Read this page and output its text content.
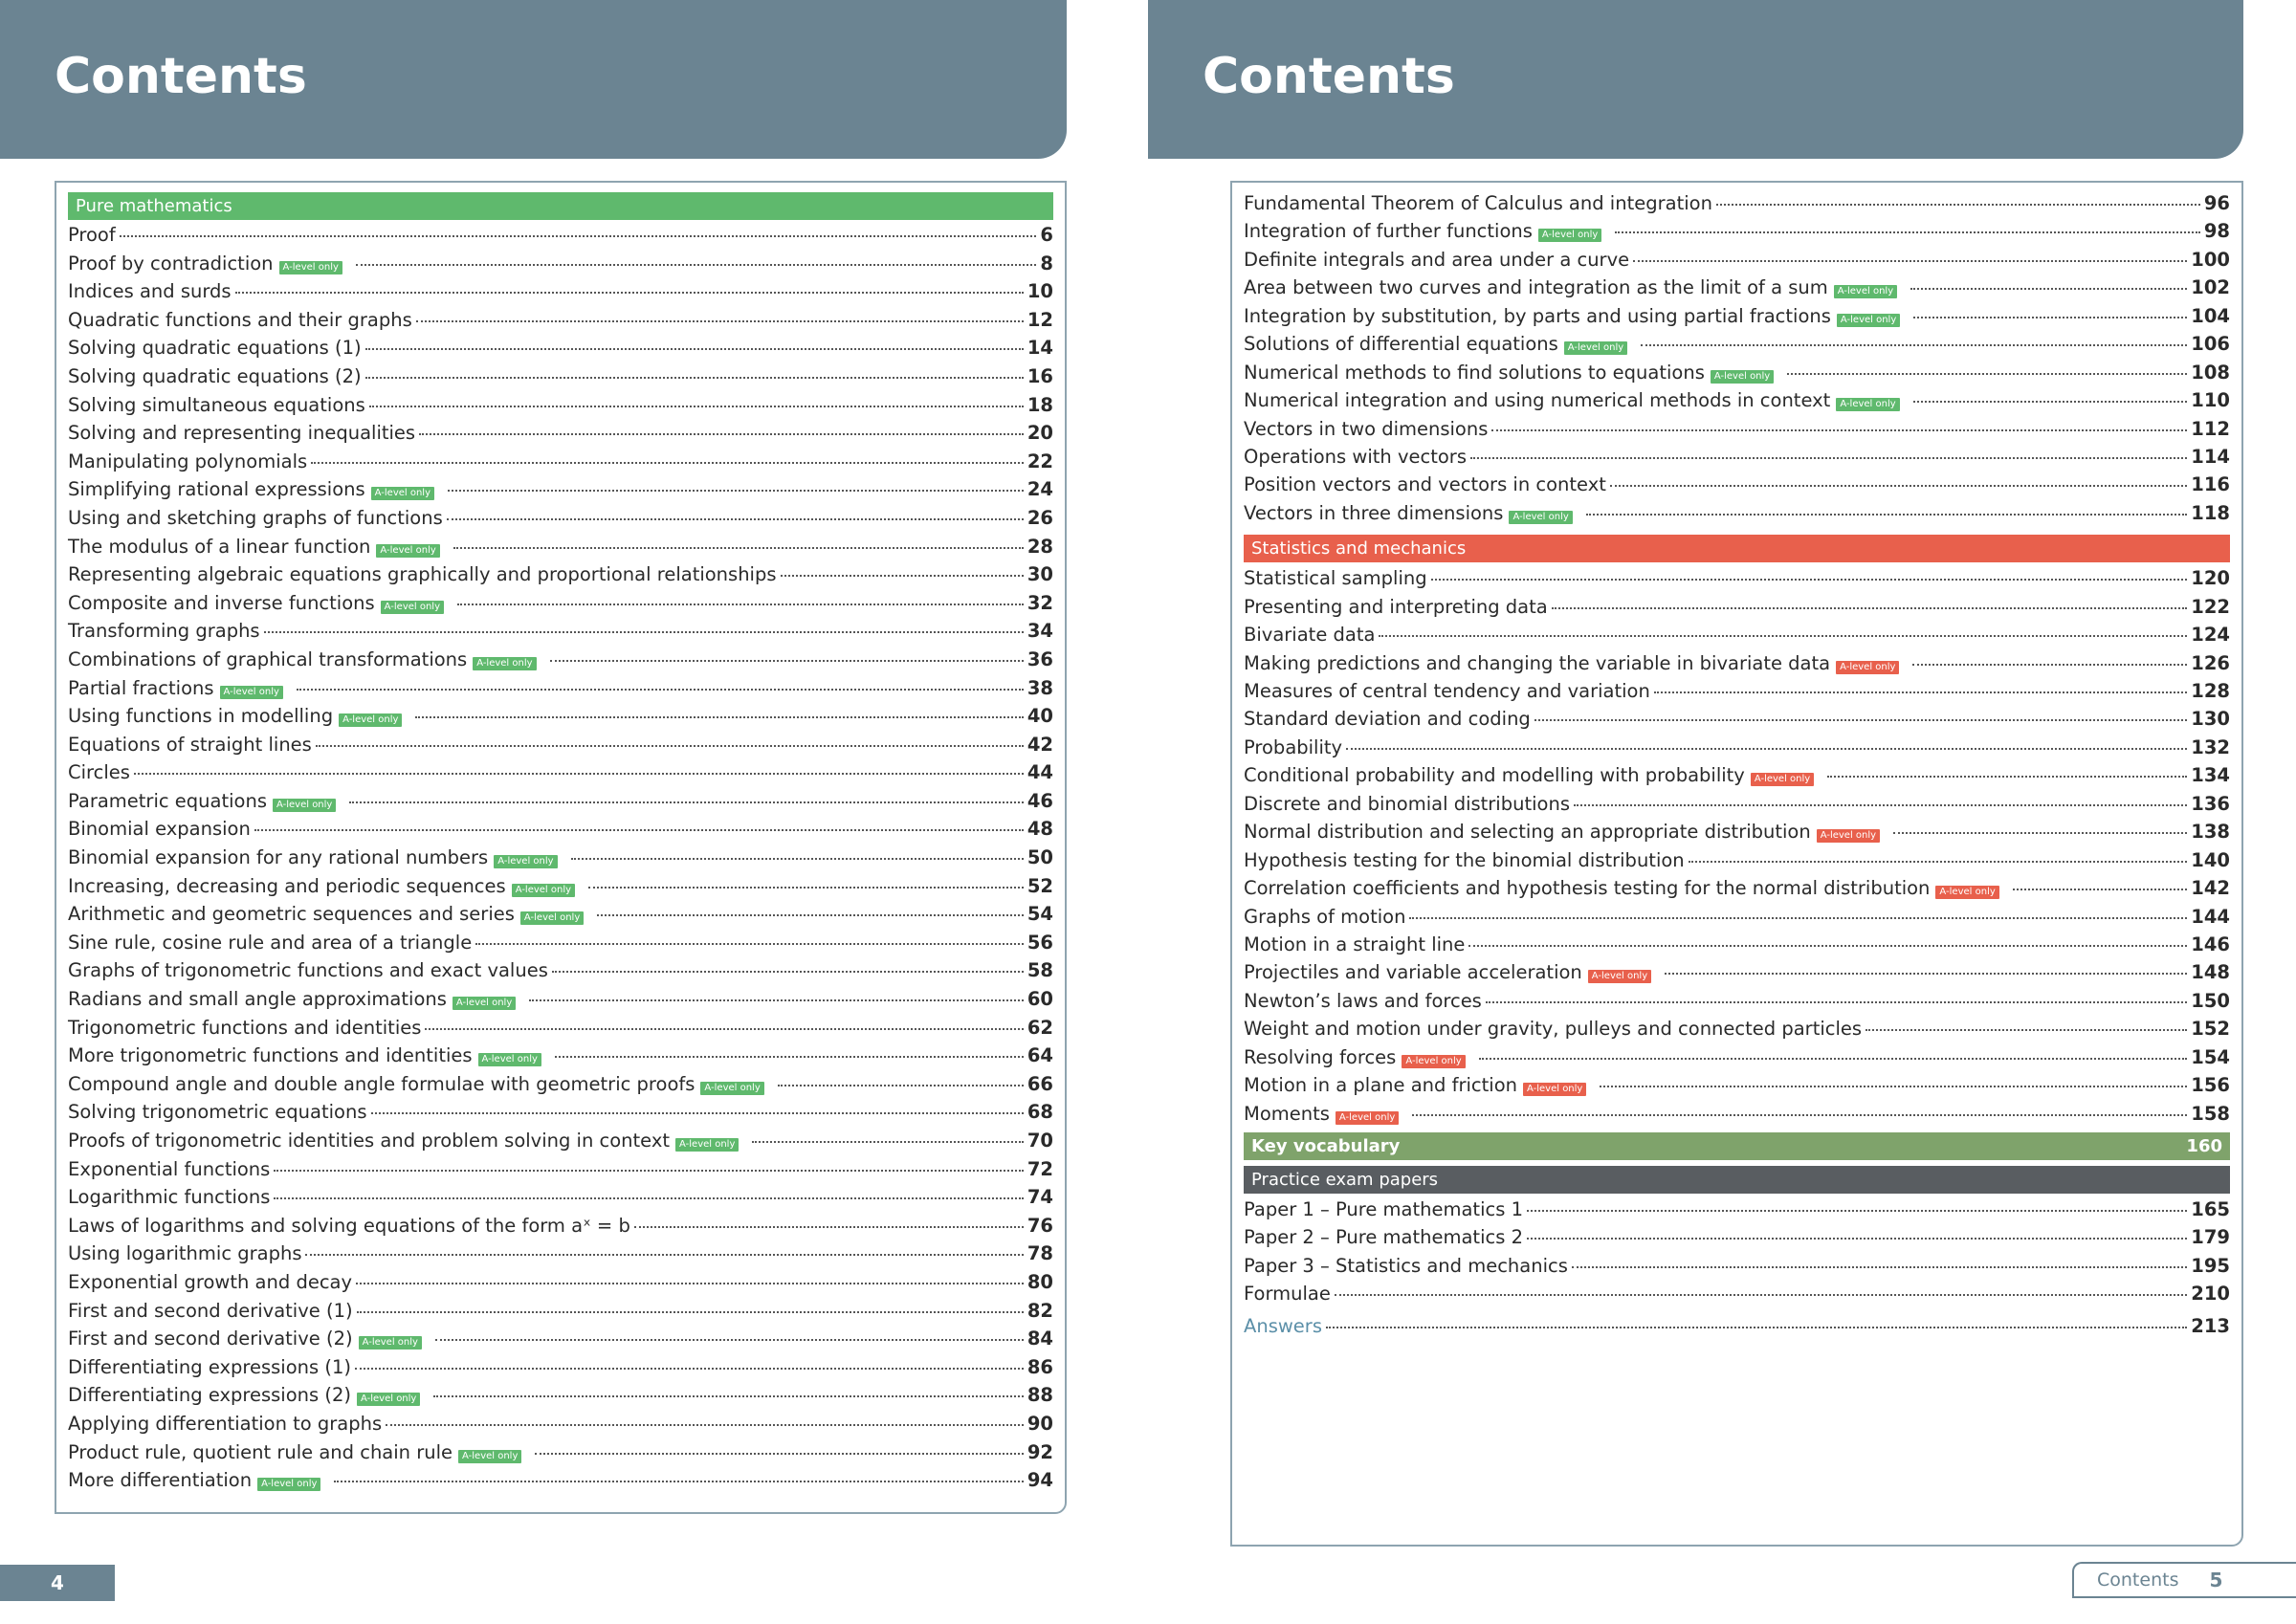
Contents
Pure mathematics
Proof	6
Proof by contradiction	A-level only	8
Indices and surds	10
Quadratic functions and their graphs	12
Solving quadratic equations (1)	14
Solving quadratic equations (2)	16
Solving simultaneous equations	18
Solving and representing inequalities	20
Manipulating polynomials	22
Simplifying rational expressions	A-level only	24
Using and sketching graphs of functions	26
The modulus of a linear function	A-level only	28
Representing algebraic equations graphically and proportional relationships	30
Composite and inverse functions	A-level only	32
Transforming graphs	34
Combinations of graphical transformations	A-level only	36
Partial fractions	A-level only	38
Using functions in modelling	A-level only	40
Equations of straight lines	42
Circles	44
Parametric equations	A-level only	46
Binomial expansion	48
Binomial expansion for any rational numbers	A-level only	50
Increasing, decreasing and periodic sequences	A-level only	52
Arithmetic and geometric sequences and series	A-level only	54
Sine rule, cosine rule and area of a triangle	56
Graphs of trigonometric functions and exact values	58
Radians and small angle approximations	A-level only	60
Trigonometric functions and identities	62
More trigonometric functions and identities	A-level only	64
Compound angle and double angle formulae with geometric proofs	A-level only	66
Solving trigonometric equations	68
Proofs of trigonometric identities and problem solving in context	A-level only	70
Exponential functions	72
Logarithmic functions	74
Laws of logarithms and solving equations of the form aˣ = b	76
Using logarithmic graphs	78
Exponential growth and decay	80
First and second derivative (1)	82
First and second derivative (2)	A-level only	84
Differentiating expressions (1)	86
Differentiating expressions (2)	A-level only	88
Applying differentiation to graphs	90
Product rule, quotient rule and chain rule	A-level only	92
More differentiation	A-level only	94
4
Contents
Fundamental Theorem of Calculus and integration	96
Integration of further functions	A-level only	98
Definite integrals and area under a curve	100
Area between two curves and integration as the limit of a sum	A-level only	102
Integration by substitution, by parts and using partial fractions	A-level only	104
Solutions of differential equations	A-level only	106
Numerical methods to find solutions to equations	A-level only	108
Numerical integration and using numerical methods in context	A-level only	110
Vectors in two dimensions	112
Operations with vectors	114
Position vectors and vectors in context	116
Vectors in three dimensions	A-level only	118
Statistics and mechanics
Statistical sampling	120
Presenting and interpreting data	122
Bivariate data	124
Making predictions and changing the variable in bivariate data	A-level only	126
Measures of central tendency and variation	128
Standard deviation and coding	130
Probability	132
Conditional probability and modelling with probability	A-level only	134
Discrete and binomial distributions	136
Normal distribution and selecting an appropriate distribution	A-level only	138
Hypothesis testing for the binomial distribution	140
Correlation coefficients and hypothesis testing for the normal distribution	A-level only	142
Graphs of motion	144
Motion in a straight line	146
Projectiles and variable acceleration	A-level only	148
Newton’s laws and forces	150
Weight and motion under gravity, pulleys and connected particles	152
Resolving forces	A-level only	154
Motion in a plane and friction	A-level only	156
Moments	A-level only	158
Key vocabulary	160
Practice exam papers
Paper 1 – Pure mathematics 1	165
Paper 2 – Pure mathematics 2	179
Paper 3 – Statistics and mechanics	195
Formulae	210
Answers	213
Contents 5
